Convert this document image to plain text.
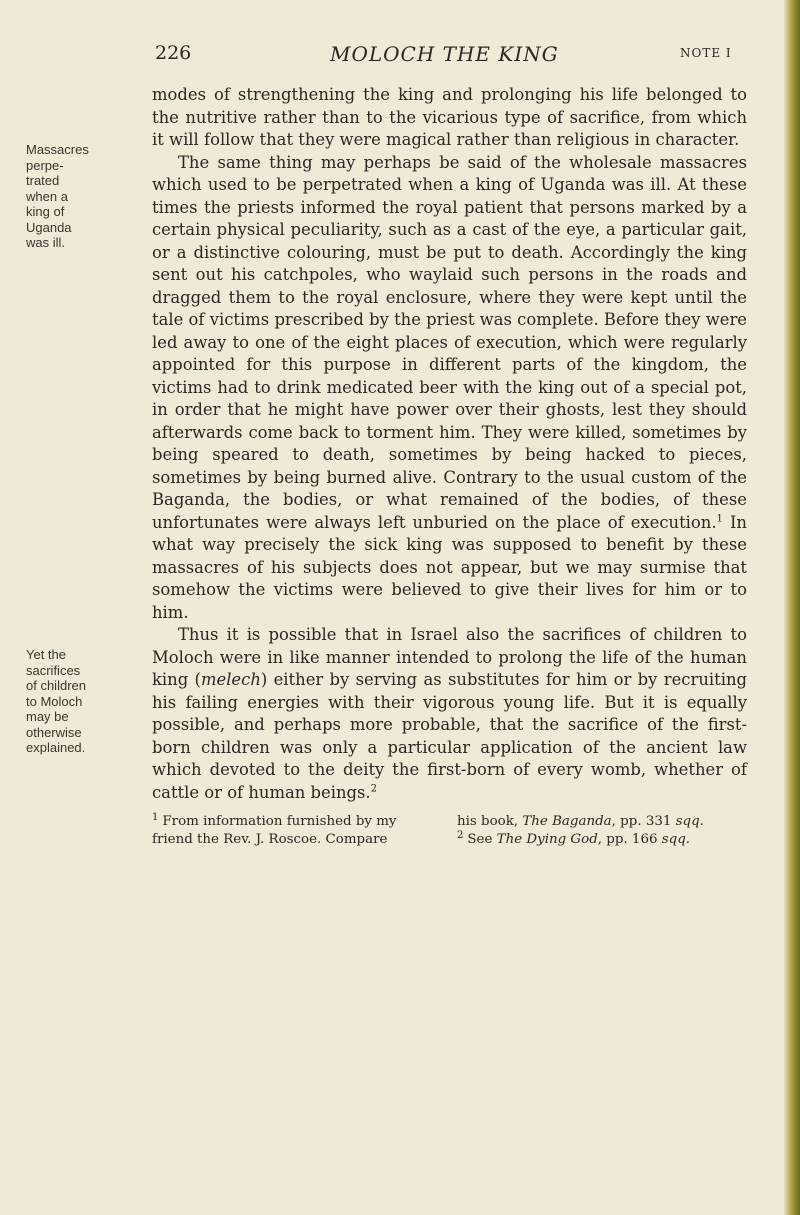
226	MOLOCH THE KING	NOTE I
Massacres
perpe-
trated
when a
king of
Uganda
was ill.
Yet the
sacrifices
of children
to Moloch
may be
otherwise
explained.

modes of strengthening the king and prolonging his life belonged to the nutritive rather than to the vicarious type of sacrifice, from which it will follow that they were magical rather than religious in character.

The same thing may perhaps be said of the wholesale massacres which used to be perpetrated when a king of Uganda was ill. At these times the priests informed the royal patient that persons marked by a certain physical peculiarity, such as a cast of the eye, a particular gait, or a distinctive colouring, must be put to death. Accordingly the king sent out his catchpoles, who waylaid such persons in the roads and dragged them to the royal enclosure, where they were kept until the tale of victims prescribed by the priest was complete. Before they were led away to one of the eight places of execution, which were regularly appointed for this purpose in different parts of the kingdom, the victims had to drink medicated beer with the king out of a special pot, in order that he might have power over their ghosts, lest they should afterwards come back to torment him. They were killed, sometimes by being speared to death, sometimes by being hacked to pieces, sometimes by being burned alive. Contrary to the usual custom of the Baganda, the bodies, or what remained of the bodies, of these unfortunates were always left unburied on the place of execution.$^1$ In what way precisely the sick king was supposed to benefit by these massacres of his subjects does not appear, but we may surmise that somehow the victims were believed to give their lives for him or to him.

Thus it is possible that in Israel also the sacrifices of children to Moloch were in like manner intended to prolong the life of the human king (melech) either by serving as substitutes for him or by recruiting his failing energies with their vigorous young life. But it is equally possible, and perhaps more probable, that the sacrifice of the first-born children was only a particular application of the ancient law which devoted to the deity the first-born of every womb, whether of cattle or of human beings.$^2$

$^1$ From information furnished by my
friend the Rev. J. Roscoe. Compare
his book, The Baganda, pp. 331 sqq.
$^2$ See The Dying God, pp. 166 sqq.
